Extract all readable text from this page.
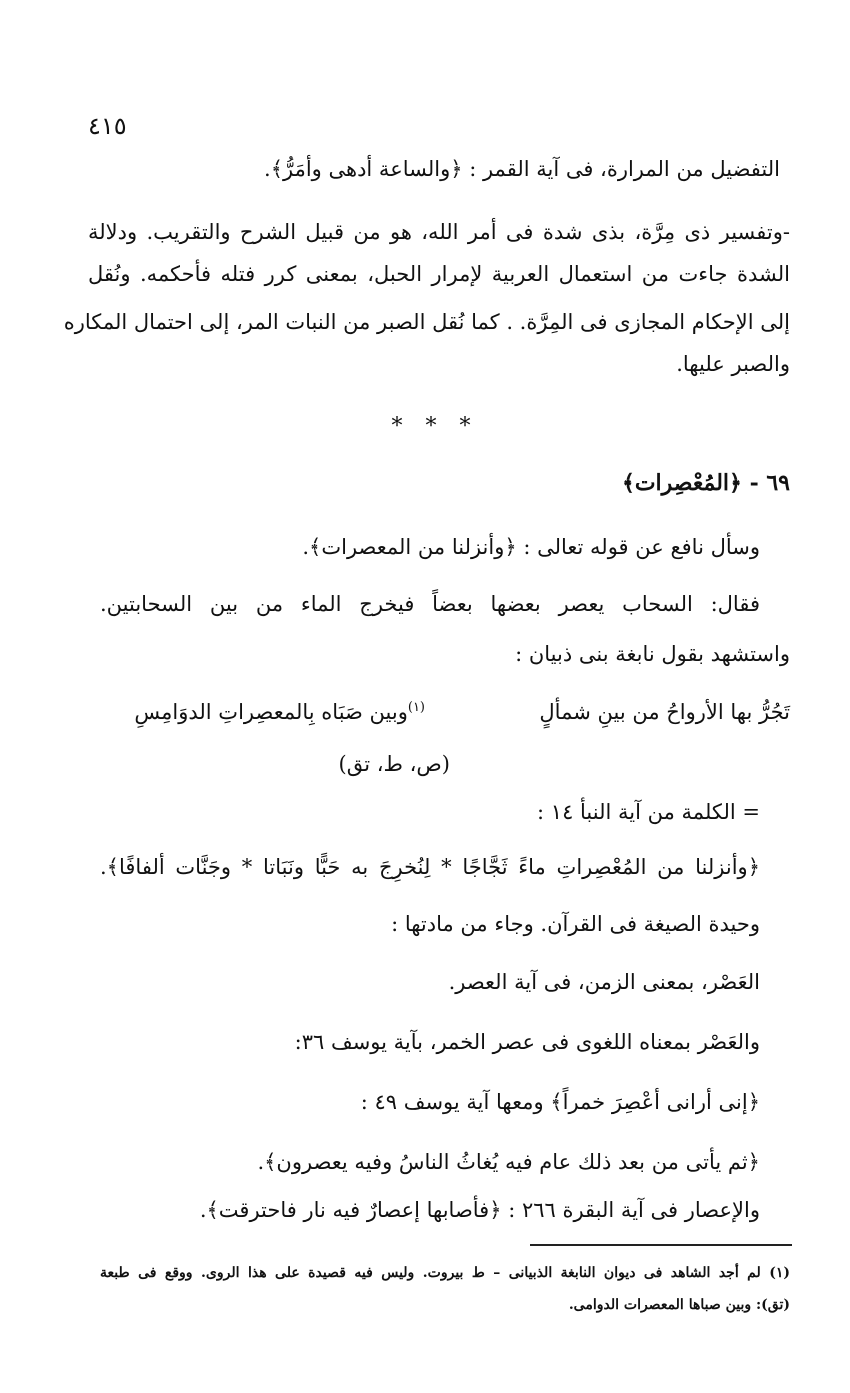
٤١٥
التفضيل من المرارة، فى آية القمر : ﴿والساعة أدهى وأمَرُّ﴾.
-وتفسير ذى مِرَّة، بذى شدة فى أمر الله، هو من قبيل الشرح والتقريب. ودلالة
الشدة جاءت من استعمال العربية لإمرار الحبل، بمعنى كرر فتله فأحكمه. ونُقل
إلى الإحكام المجازى فى المِرَّة. . كما نُقل الصبر من النبات المر، إلى احتمال المكاره
والصبر عليها.
* * *
٦٩ - ﴿المُعْصِرات﴾
وسأل نافع عن قوله تعالى : ﴿وأنزلنا من المعصرات﴾.
فقال: السحاب يعصر بعضها بعضاً فيخرج الماء من بين السحابتين.
واستشهد بقول نابغة بنى ذبيان :
تَجُرُّ بها الأرواحُ من بينِ شمألٍ
$^{(١)}$وبين صَبَاه بِالمعصِراتِ الدوَامِسِ
(ص، ط، تق)
= الكلمة من آية النبأ ١٤ :
﴿وأنزلنا من المُعْصِراتِ ماءً ثَجَّاجًا * لِنُخرِجَ به حَبًّا ونَبَاتا * وجَنَّات ألفافًا﴾.
وحيدة الصيغة فى القرآن. وجاء من مادتها :
العَصْر، بمعنى الزمن، فى آية العصر.
والعَصْر بمعناه اللغوى فى عصر الخمر، بآية يوسف ٣٦:
﴿إنى أرانى أعْصِرَ خمراً﴾ ومعها آية يوسف ٤٩ :
﴿ثم يأتى من بعد ذلك عام فيه يُغاثُ الناسُ وفيه يعصرون﴾.
والإعصار فى آية البقرة ٢٦٦ : ﴿فأصابها إعصارٌ فيه نار فاحترقت﴾.
(١) لم أجد الشاهد فى ديوان النابغة الذبيانى – ط بيروت. وليس فيه قصيدة على هذا الروى. ووقع فى طبعة
(تق): وبين صباها المعصرات الدوامى.
